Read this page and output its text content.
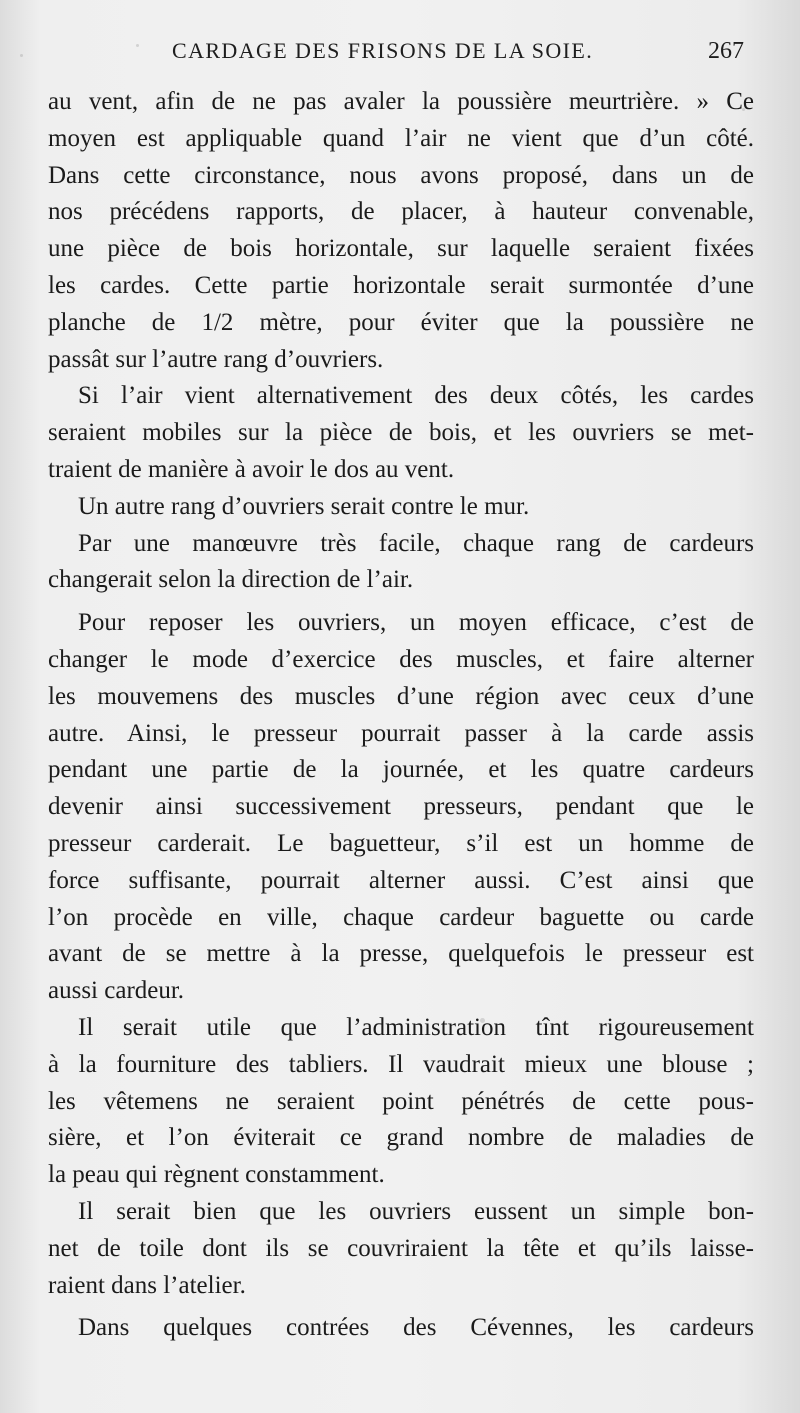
CARDAGE DES FRISONS DE LA SOIE.	267
au vent, afin de ne pas avaler la poussière meurtrière. » Ce
moyen est appliquable quand l’air ne vient que d’un côté.
Dans cette circonstance, nous avons proposé, dans un de
nos précédens rapports, de placer, à hauteur convenable,
une pièce de bois horizontale, sur laquelle seraient fixées
les cardes. Cette partie horizontale serait surmontée d’une
planche de 1/2 mètre, pour éviter que la poussière ne
passât sur l’autre rang d’ouvriers.
Si l’air vient alternativement des deux côtés, les cardes
seraient mobiles sur la pièce de bois, et les ouvriers se met-
traient de manière à avoir le dos au vent.
Un autre rang d’ouvriers serait contre le mur.
Par une manœuvre très facile, chaque rang de cardeurs
changerait selon la direction de l’air.
Pour reposer les ouvriers, un moyen efficace, c’est de
changer le mode d’exercice des muscles, et faire alterner
les mouvemens des muscles d’une région avec ceux d’une
autre. Ainsi, le presseur pourrait passer à la carde assis
pendant une partie de la journée, et les quatre cardeurs
devenir ainsi successivement presseurs, pendant que le
presseur carderait. Le baguetteur, s’il est un homme de
force suffisante, pourrait alterner aussi. C’est ainsi que
l’on procède en ville, chaque cardeur baguette ou carde
avant de se mettre à la presse, quelquefois le presseur est
aussi cardeur.
Il serait utile que l’administration tînt rigoureusement
à la fourniture des tabliers. Il vaudrait mieux une blouse ;
les vêtemens ne seraient point pénétrés de cette pous-
sière, et l’on éviterait ce grand nombre de maladies de
la peau qui règnent constamment.
Il serait bien que les ouvriers eussent un simple bon-
net de toile dont ils se couvriraient la tête et qu’ils laisse-
raient dans l’atelier.
Dans quelques contrées des Cévennes, les cardeurs
